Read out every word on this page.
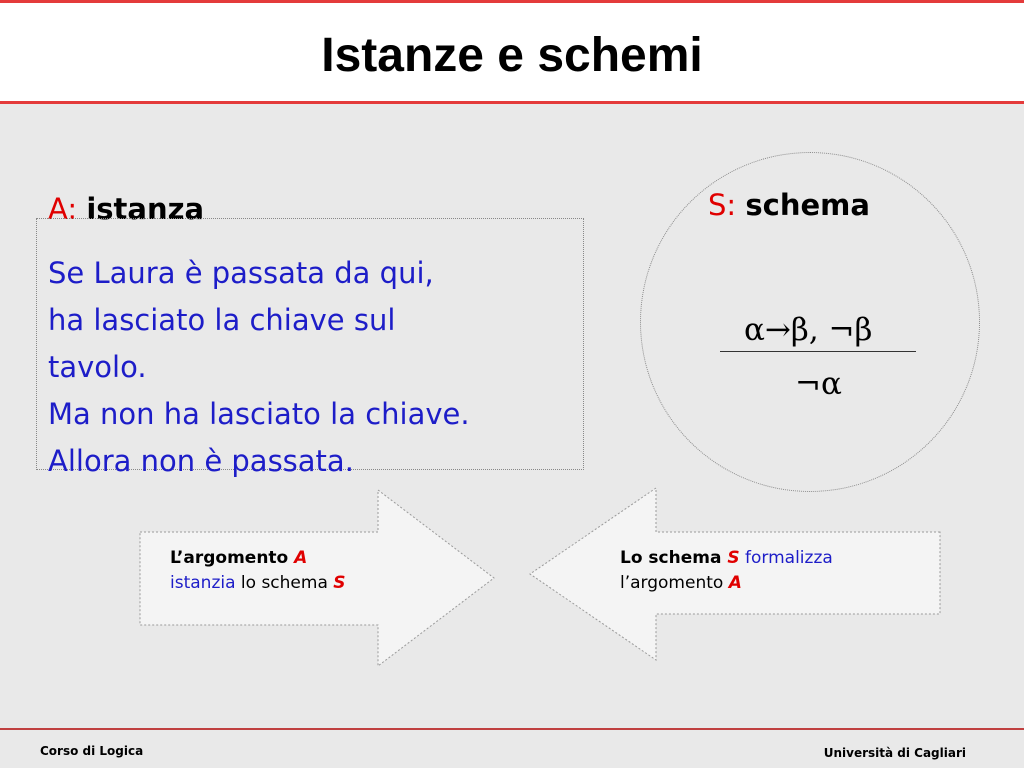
Istanze e schemi
A: istanza	S: schema
Se Laura è passata da qui,
ha lasciato la chiave sul
tavolo.
Ma non ha lasciato la chiave.
Allora non è passata.
α→β, ¬β
¬α
L’argomento A
istanzia lo schema S
Lo schema S formalizza
l’argomento A
Corso di Logica	Università di Cagliari
